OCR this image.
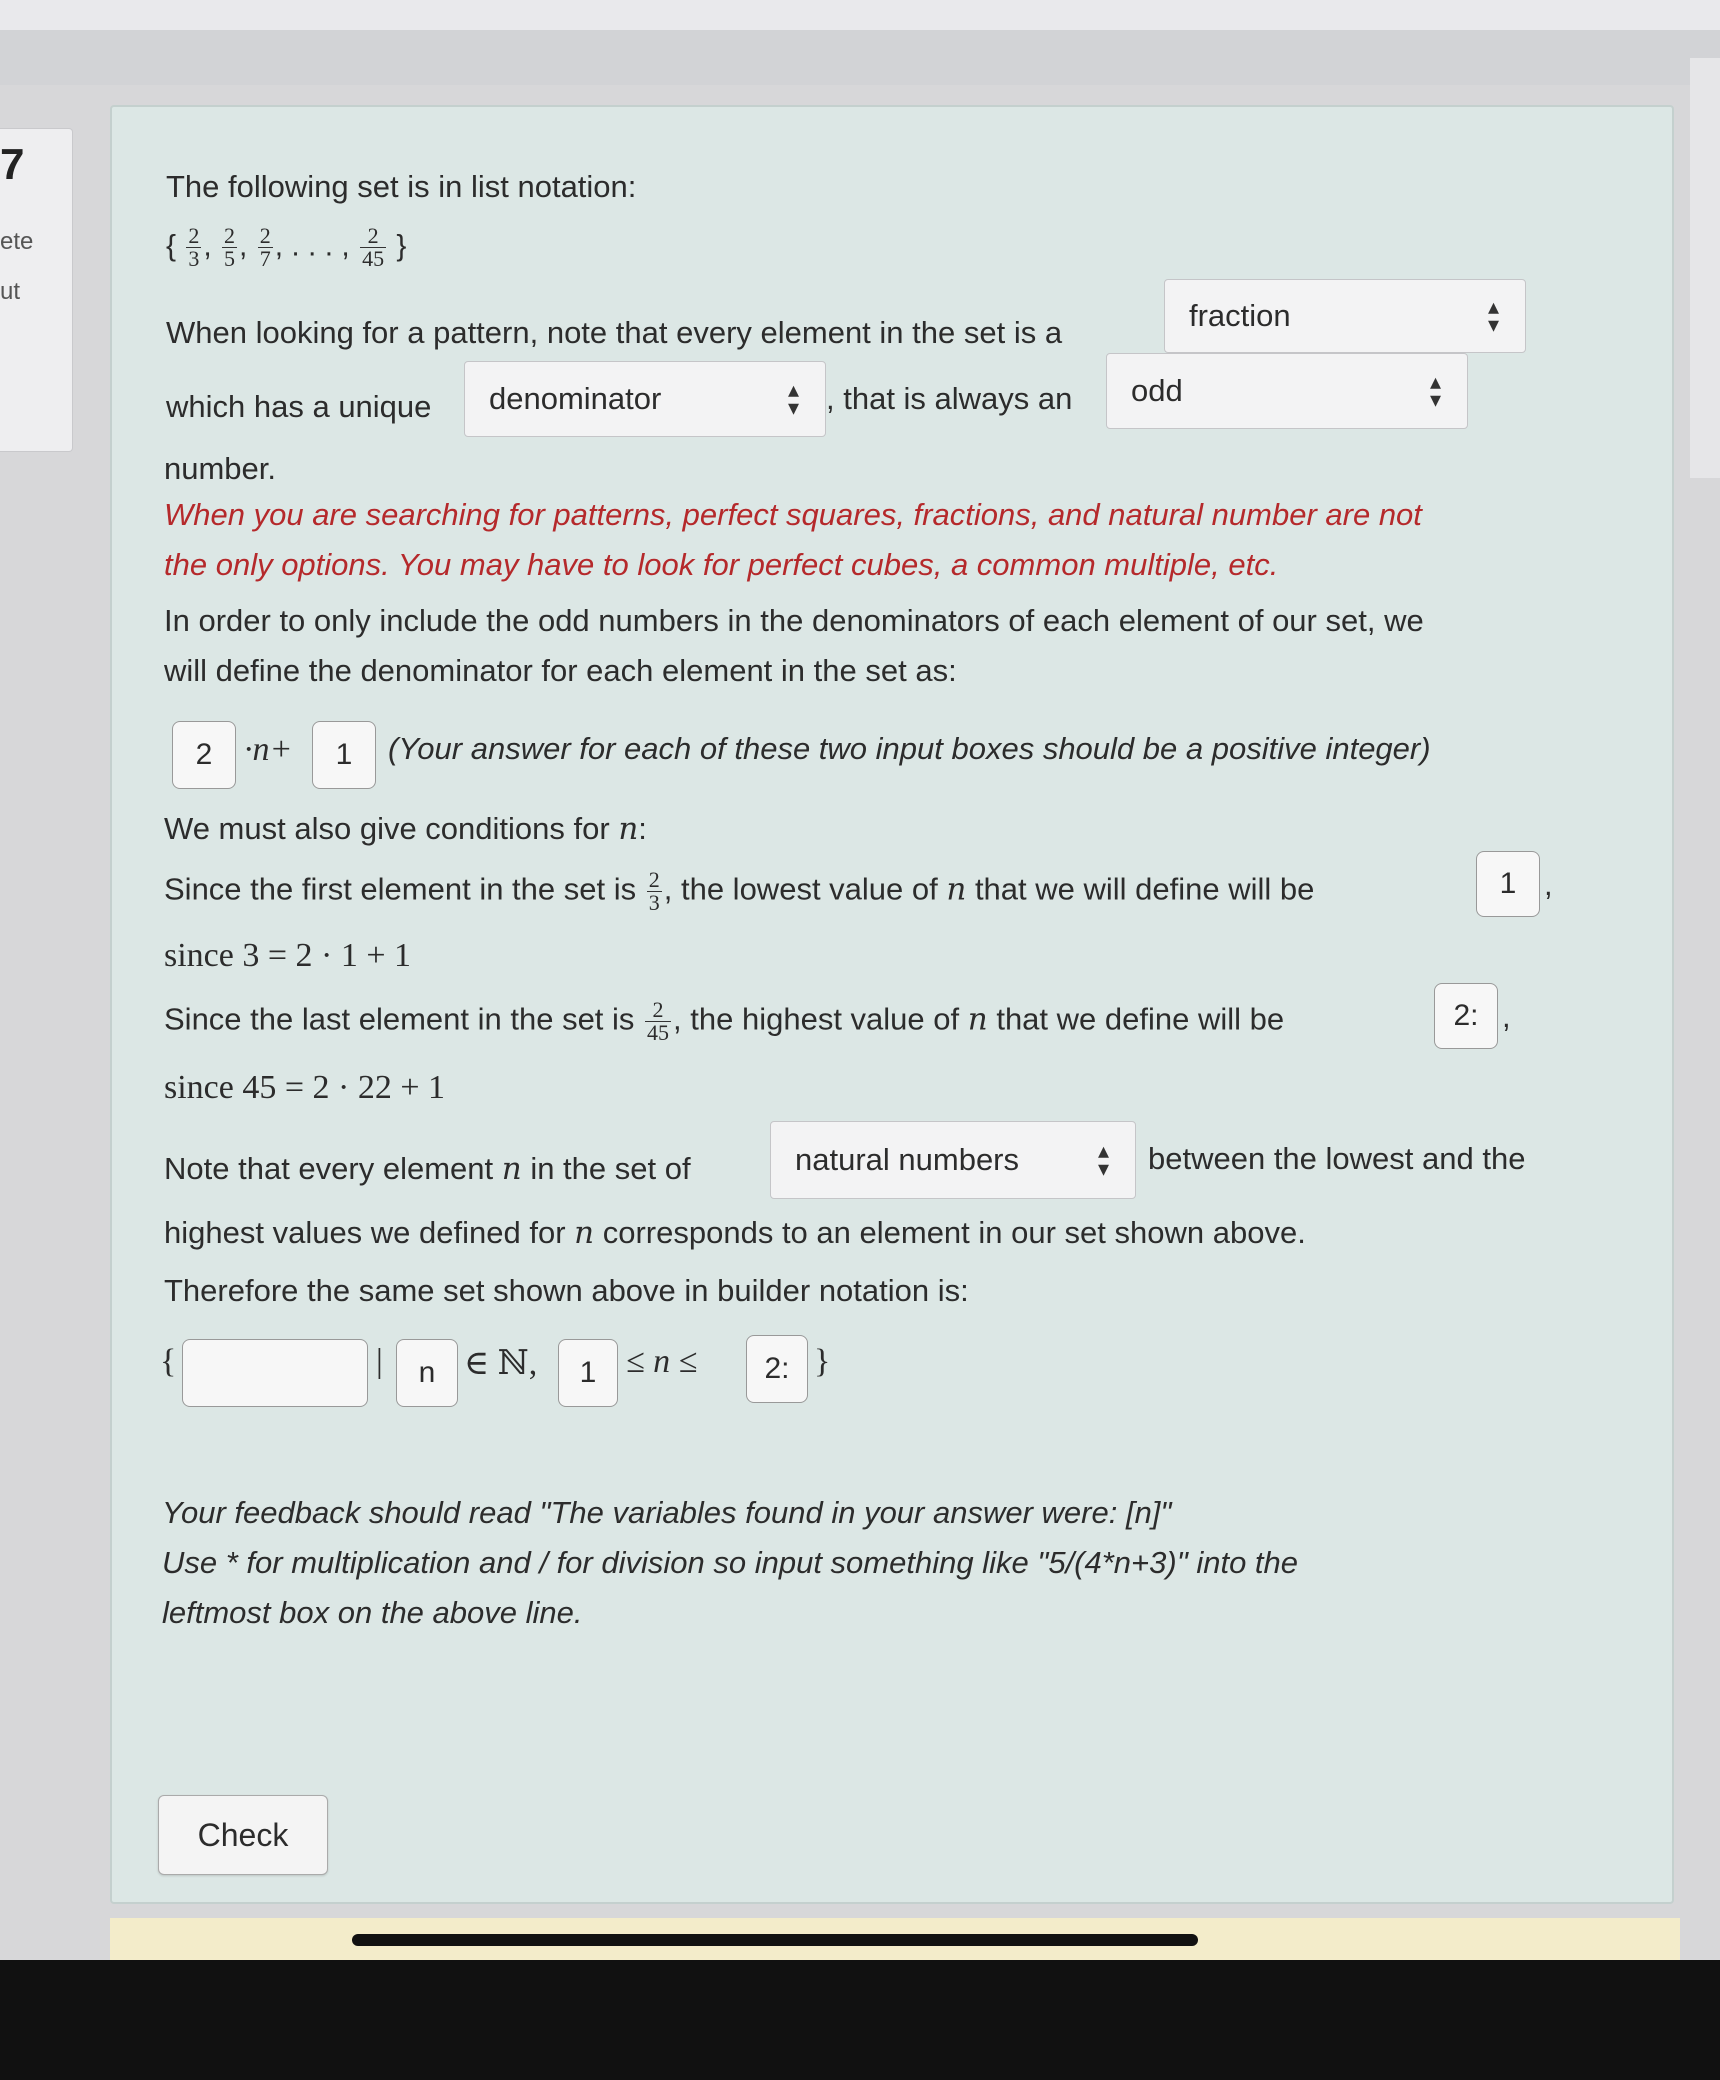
7
ete
ut
The following set is in list notation:
{ $\frac{2}{3}$ , $\frac{2}{5}$ , $\frac{2}{7}$ , . . . , $\frac{2}{45}$ }
When looking for a pattern, note that every element in the set is a	fraction	▴
▾
which has a unique denominator	▴
▾ , that is always an odd	▴
▾
number.
When you are searching for patterns, perfect squares, fractions, and natural number are not
the only options. You may have to look for perfect cubes, a common multiple, etc.
In order to only include the odd numbers in the denominators of each element of our set, we
will define the denominator for each element in the set as:
2 ·n+	1	(Your answer for each of these two input boxes should be a positive integer)
We must also give conditions for n:
Since the first element in the set is $\frac{2}{3}$ , the lowest value of n that we will define will be	1 ,
since 3 = 2 · 1 + 1
Since the last element in the set is $\frac{2}{45}$ , the highest value of n that we define will be	2: ,
since 45 = 2 · 22 + 1
Note that every element n in the set of	natural numbers	▴
▾ between the lowest and the
highest values we defined for n corresponds to an element in our set shown above.
Therefore the same set shown above in builder notation is:
{	|	n ∈ ℕ,	1 ≤ n ≤	2: }
Your feedback should read "The variables found in your answer were: [n]"
Use * for multiplication and / for division so input something like "5/(4*n+3)" into the
leftmost box on the above line.
Check
